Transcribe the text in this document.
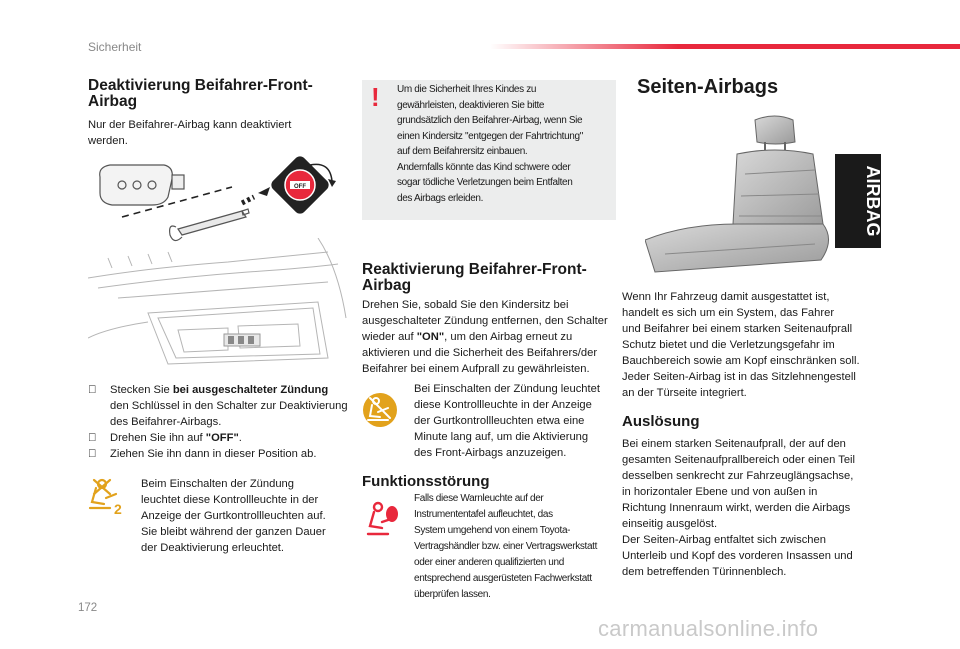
Sicherheit
Deaktivierung Beifahrer-Front-
Airbag
Nur der Beifahrer-Airbag kann deaktiviert
werden.
OFF
Stecken Sie bei ausgeschalteter Zündung den Schlüssel in den Schalter zur Deaktivierung des Beifahrer-Airbags.
Drehen Sie ihn auf "OFF".
Ziehen Sie ihn dann in dieser Position ab.
2
Beim Einschalten der Zündung
leuchtet diese Kontrollleuchte in der
Anzeige der Gurtkontrollleuchten auf.
Sie bleibt während der ganzen Dauer
der Deaktivierung erleuchtet.
! Um die Sicherheit Ihres Kindes zu
gewährleisten, deaktivieren Sie bitte
grundsätzlich den Beifahrer-Airbag, wenn Sie
einen Kindersitz "entgegen der Fahrtrichtung"
auf dem Beifahrersitz einbauen.
Andernfalls könnte das Kind schwere oder
sogar tödliche Verletzungen beim Entfalten
des Airbags erleiden.
Reaktivierung Beifahrer-Front-
Airbag
Drehen Sie, sobald Sie den Kindersitz bei
ausgeschalteter Zündung entfernen, den Schalter
wieder auf "ON", um den Airbag erneut zu
aktivieren und die Sicherheit des Beifahrers/der
Beifahrer bei einem Aufprall zu gewährleisten.
Bei Einschalten der Zündung leuchtet
diese Kontrollleuchte in der Anzeige
der Gurtkontrollleuchten etwa eine
Minute lang auf, um die Aktivierung
des Front-Airbags anzuzeigen.
Funktionsstörung
Falls diese Warnleuchte auf der
Instrumententafel aufleuchtet, das
System umgehend von einem Toyota-
Vertragshändler bzw. einer Vertragswerkstatt
oder einer anderen qualifizierten und
entsprechend ausgerüsteten Fachwerkstatt
überprüfen lassen.
Seiten-Airbags
AIRBAG
Wenn Ihr Fahrzeug damit ausgestattet ist,
handelt es sich um ein System, das Fahrer
und Beifahrer bei einem starken Seitenaufprall
Schutz bietet und die Verletzungsgefahr im
Bauchbereich sowie am Kopf einschränken soll.
Jeder Seiten-Airbag ist in das Sitzlehnengestell
an der Türseite integriert.
Auslösung
Bei einem starken Seitenaufprall, der auf den
gesamten Seitenaufprallbereich oder einen Teil
desselben senkrecht zur Fahrzeuglängsachse,
in horizontaler Ebene und von außen in
Richtung Innenraum wirkt, werden die Airbags
einseitig ausgelöst.
Der Seiten-Airbag entfaltet sich zwischen
Unterleib und Kopf des vorderen Insassen und
dem betreffenden Türinnenblech.
172
carmanualsonline.info
